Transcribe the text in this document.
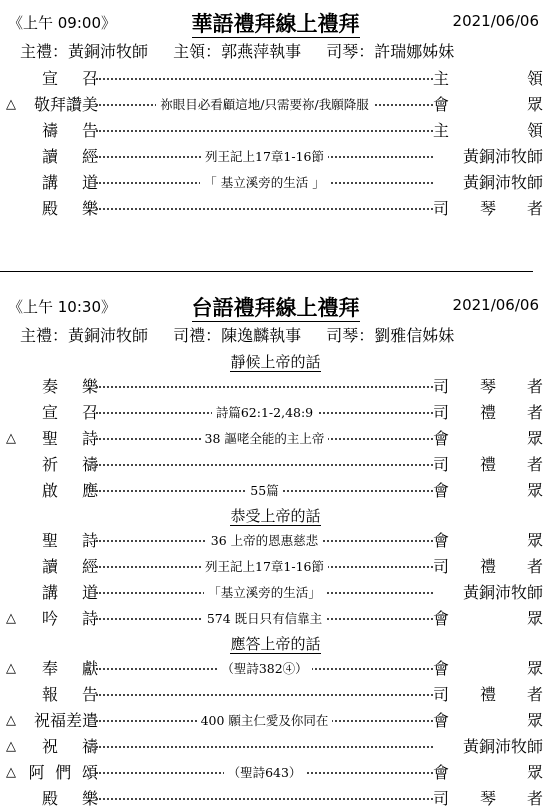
《上午 09:00》	華語禮拜線上禮拜	2021/06/06
主禮：黃銅沛牧師 主領：郭燕萍執事 司琴：許瑞娜姊妹
宣 召	主	領
△ 敬拜讚美	祢眼目必看顧這地/只需要祢/我願降服	會	眾
禱 告	主	領
讀 經	列王記上17章1-16節	黃銅沛牧師
講 道	「 基立溪旁的生活 」	黃銅沛牧師
殿 樂	司 琴 者
《上午 10:30》	台語禮拜線上禮拜	2021/06/06
主禮：黃銅沛牧師 司禮：陳逸麟執事 司琴：劉雅信姊妹
靜候上帝的話
奏 樂	司 琴 者
宣 召	詩篇62:1-2,48:9	司 禮 者
△ 聖 詩	38 謳咾全能的主上帝	會	眾
祈 禱	司 禮 者
啟 應	55篇	會	眾
恭受上帝的話
聖 詩	36 上帝的恩惠慈悲	會	眾
讀 經	列王記上17章1-16節	司 禮 者
講 道	「基立溪旁的生活」	黃銅沛牧師
△ 吟 詩	574 既日只有信靠主	會	眾
應答上帝的話
△ 奉 獻	（聖詩382④）	會	眾
報 告	司 禮 者
△ 祝福差遣	400 願主仁愛及你同在	會	眾
△ 祝 禱	黃銅沛牧師
△ 阿 們 頌	（聖詩643）	會	眾
殿 樂	司 琴 者
